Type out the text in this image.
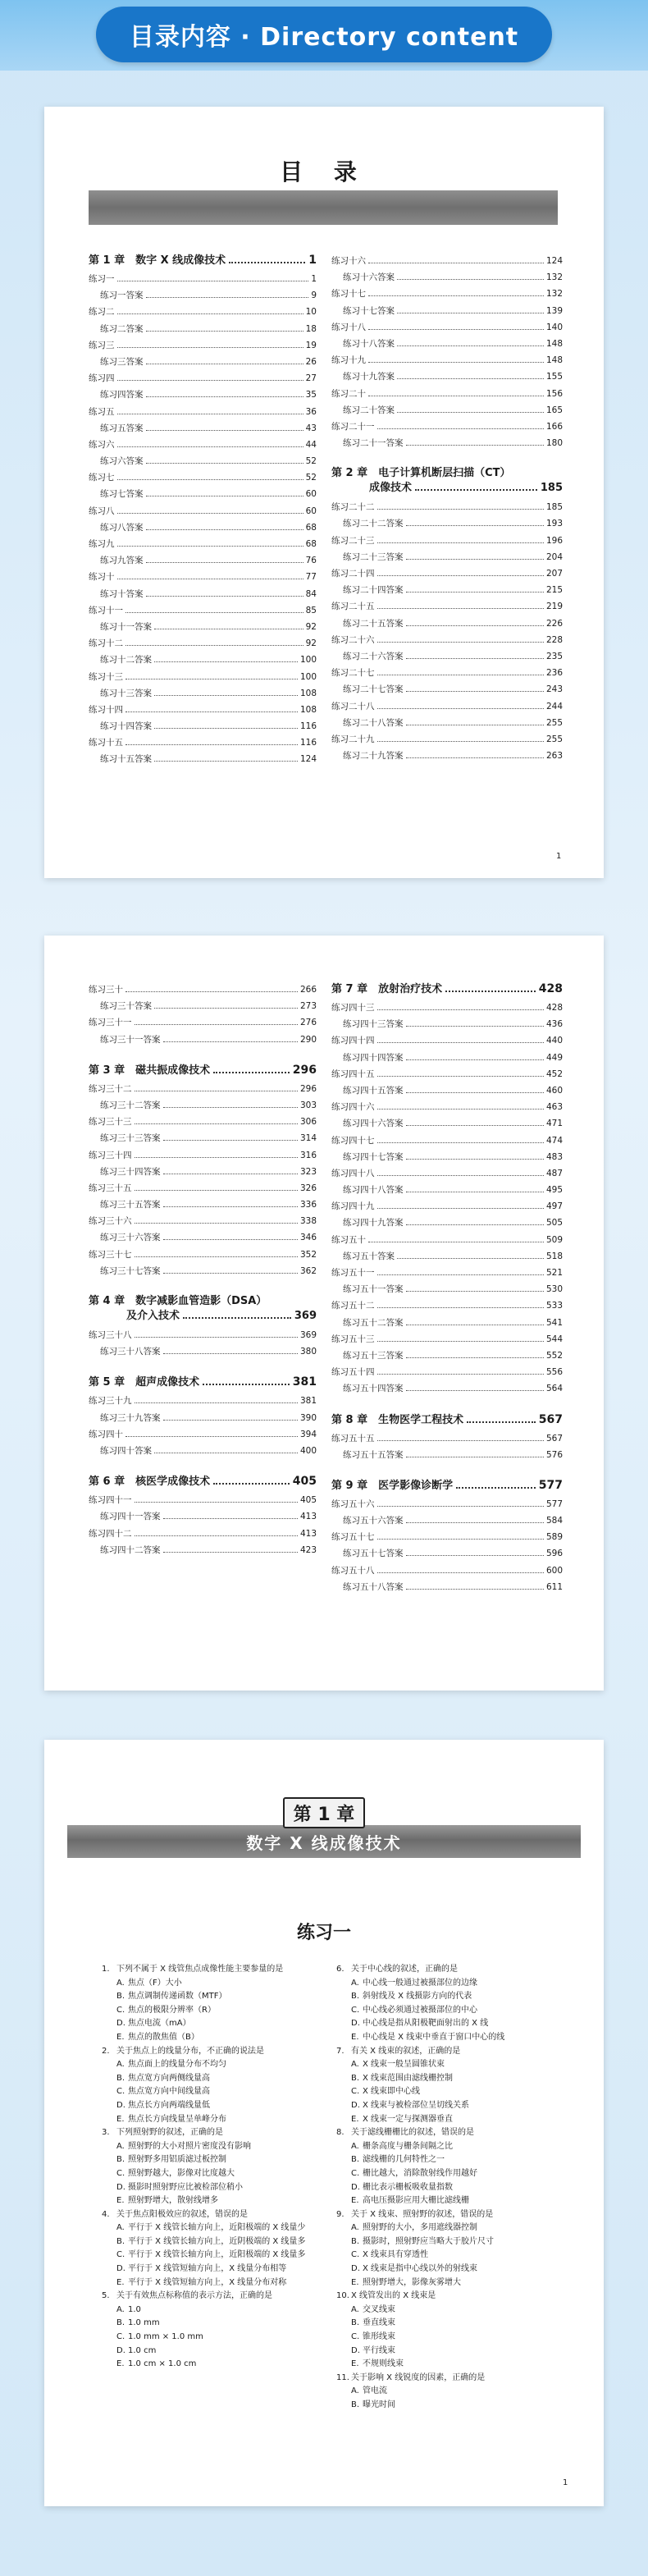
目录内容 · Directory content
目 录
第 1 章　数字 X 线成像技术	1
练习一	1
练习一答案	9
练习二	10
练习二答案	18
练习三	19
练习三答案	26
练习四	27
练习四答案	35
练习五	36
练习五答案	43
练习六	44
练习六答案	52
练习七	52
练习七答案	60
练习八	60
练习八答案	68
练习九	68
练习九答案	76
练习十	77
练习十答案	84
练习十一	85
练习十一答案	92
练习十二	92
练习十二答案	100
练习十三	100
练习十三答案	108
练习十四	108
练习十四答案	116
练习十五	116
练习十五答案	124
练习十六	124
练习十六答案	132
练习十七	132
练习十七答案	139
练习十八	140
练习十八答案	148
练习十九	148
练习十九答案	155
练习二十	156
练习二十答案	165
练习二十一	166
练习二十一答案	180
第 2 章　电子计算机断层扫描（CT）
成像技术	185
练习二十二	185
练习二十二答案	193
练习二十三	196
练习二十三答案	204
练习二十四	207
练习二十四答案	215
练习二十五	219
练习二十五答案	226
练习二十六	228
练习二十六答案	235
练习二十七	236
练习二十七答案	243
练习二十八	244
练习二十八答案	255
练习二十九	255
练习二十九答案	263
1
练习三十	266
练习三十答案	273
练习三十一	276
练习三十一答案	290
第 3 章　磁共振成像技术	296
练习三十二	296
练习三十二答案	303
练习三十三	306
练习三十三答案	314
练习三十四	316
练习三十四答案	323
练习三十五	326
练习三十五答案	336
练习三十六	338
练习三十六答案	346
练习三十七	352
练习三十七答案	362
第 4 章　数字减影血管造影（DSA）
及介入技术	369
练习三十八	369
练习三十八答案	380
第 5 章　超声成像技术	381
练习三十九	381
练习三十九答案	390
练习四十	394
练习四十答案	400
第 6 章　核医学成像技术	405
练习四十一	405
练习四十一答案	413
练习四十二	413
练习四十二答案	423
第 7 章　放射治疗技术	428
练习四十三	428
练习四十三答案	436
练习四十四	440
练习四十四答案	449
练习四十五	452
练习四十五答案	460
练习四十六	463
练习四十六答案	471
练习四十七	474
练习四十七答案	483
练习四十八	487
练习四十八答案	495
练习四十九	497
练习四十九答案	505
练习五十	509
练习五十答案	518
练习五十一	521
练习五十一答案	530
练习五十二	533
练习五十二答案	541
练习五十三	544
练习五十三答案	552
练习五十四	556
练习五十四答案	564
第 8 章　生物医学工程技术	567
练习五十五	567
练习五十五答案	576
第 9 章　医学影像诊断学	577
练习五十六	577
练习五十六答案	584
练习五十七	589
练习五十七答案	596
练习五十八	600
练习五十八答案	611
数字 X 线成像技术
第 1 章
练习一
1. 下列不属于 X 线管焦点成像性能主要参量的是
A. 焦点（F）大小
B. 焦点调制传递函数（MTF）
C. 焦点的极限分辨率（R）
D. 焦点电流（mA）
E. 焦点的散焦值（B）
2. 关于焦点上的线量分布，不正确的说法是
A. 焦点面上的线量分布不均匀
B. 焦点宽方向两侧线量高
C. 焦点宽方向中间线量高
D. 焦点长方向两端线量低
E. 焦点长方向线量呈单峰分布
3. 下列照射野的叙述，正确的是
A. 照射野的大小对照片密度没有影响
B. 照射野多用铝质滤过板控制
C. 照射野越大，影像对比度越大
D. 摄影时照射野应比被检部位稍小
E. 照射野增大，散射线增多
4. 关于焦点阳极效应的叙述，错误的是
A. 平行于 X 线管长轴方向上，近阳极端的 X 线量少
B. 平行于 X 线管长轴方向上，近阴极端的 X 线量多
C. 平行于 X 线管长轴方向上，近阳极端的 X 线量多
D. 平行于 X 线管短轴方向上，X 线量分布相等
E. 平行于 X 线管短轴方向上，X 线量分布对称
5. 关于有效焦点标称值的表示方法，正确的是
A. 1.0
B. 1.0 mm
C. 1.0 mm × 1.0 mm
D. 1.0 cm
E. 1.0 cm × 1.0 cm
6. 关于中心线的叙述，正确的是
A. 中心线一般通过被摄部位的边缘
B. 斜射线及 X 线摄影方向的代表
C. 中心线必须通过被摄部位的中心
D. 中心线是指从阳极靶面射出的 X 线
E. 中心线是 X 线束中垂直于窗口中心的线
7. 有关 X 线束的叙述，正确的是
A. X 线束一般呈圆锥状束
B. X 线束范围由滤线栅控制
C. X 线束即中心线
D. X 线束与被检部位呈切线关系
E. X 线束一定与探测器垂直
8. 关于滤线栅栅比的叙述，错误的是
A. 栅条高度与栅条间隔之比
B. 滤线栅的几何特性之一
C. 栅比越大，消除散射线作用越好
D. 栅比表示栅板吸收量指数
E. 高电压摄影应用大栅比滤线栅
9. 关于 X 线束、照射野的叙述，错误的是
A. 照射野的大小，多用遮线器控制
B. 摄影时，照射野应当略大于胶片尺寸
C. X 线束具有穿透性
D. X 线束是指中心线以外的射线束
E. 照射野增大，影像灰雾增大
10. X 线管发出的 X 线束是
A. 交叉线束
B. 垂直线束
C. 锥形线束
D. 平行线束
E. 不规则线束
11. 关于影响 X 线锐度的因素，正确的是
A. 管电流
B. 曝光时间
1
